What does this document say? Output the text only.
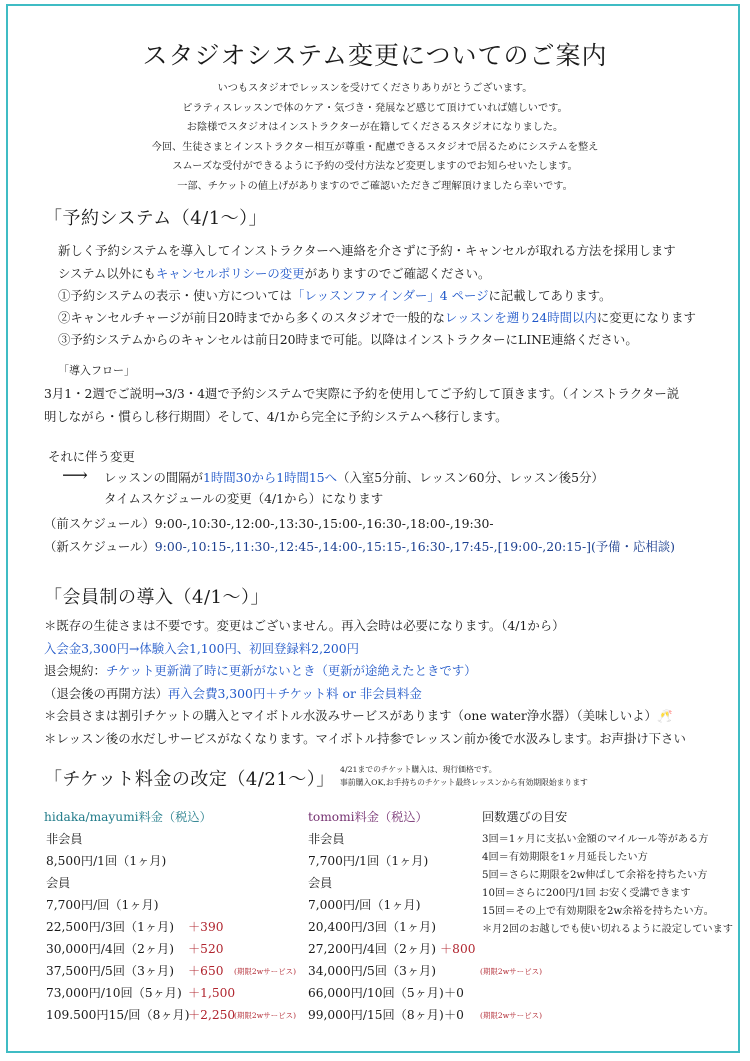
スタジオシステム変更についてのご案内
いつもスタジオでレッスンを受けてくださりありがとうございます。
ピラティスレッスンで体のケア・気づき・発展など感じて頂けていれば嬉しいです。
お陰様でスタジオはインストラクターが在籍してくださるスタジオになりました。
今回、生徒さまとインストラクター相互が尊重・配慮できるスタジオで居るためにシステムを整え
スムーズな受付ができるように予約の受付方法など変更しますのでお知らせいたします。
一部、チケットの値上げがありますのでご確認いただきご理解頂けましたら幸いです。
「予約システム（4/1〜）」
新しく予約システムを導入してインストラクターへ連絡を介さずに予約・キャンセルが取れる方法を採用します
システム以外にもキャンセルポリシーの変更がありますのでご確認ください。
①予約システムの表示・使い方については「レッスンファインダー」4 ページに記載してあります。
②キャンセルチャージが前日20時までから多くのスタジオで一般的なレッスンを遡り24時間以内に変更になります
③予約システムからのキャンセルは前日20時まで可能。以降はインストラクターにLINE連絡ください。
「導入フロー」
3月1・2週でご説明→3/3・4週で予約システムで実際に予約を使用してご予約して頂きます。（インストラクター説
明しながら・慣らし移行期間）そして、4/1から完全に予約システムへ移行します。
それに伴う変更
⟶ レッスンの間隔が1時間30から1時間15へ（入室5分前、レッスン60分、レッスン後5分）
タイムスケジュールの変更（4/1から）になります
（前スケジュール）9:00-,10:30-,12:00-,13:30-,15:00-,16:30-,18:00-,19:30-
（新スケジュール）9:00-,10:15-,11:30-,12:45-,14:00-,15:15-,16:30-,17:45-,[19:00-,20:15-](予備・応相談)
「会員制の導入（4/1〜）」
＊既存の生徒さまは不要です。変更はございません。再入会時は必要になります。（4/1から）
入会金3,300円→体験入会1,100円、初回登録料2,200円
退会規約：チケット更新満了時に更新がないとき（更新が途絶えたときです）
（退会後の再開方法）再入会費3,300円＋チケット料 or 非会員料金
＊会員さまは割引チケットの購入とマイボトル水汲みサービスがあります（one water浄水器）（美味しいよ）🥂
＊レッスン後の水だしサービスがなくなります。マイボトル持参でレッスン前か後で水汲みします。お声掛け下さい
「チケット料金の改定（4/21〜）」 4/21までのチケット購入は、現行価格です。
事前購入OK,お手持ちのチケット最終レッスンから有効期限始まります
hidaka/mayumi料金（税込）
非会員
8,500円/1回（1ヶ月)
会員
7,700円/回（1ヶ月)
22,500円/3回（1ヶ月) ＋390
30,000円/4回（2ヶ月) ＋520
37,500円/5回（3ヶ月) ＋650 (期限2wサービス)
73,000円/10回（5ヶ月) ＋1,500
109.500円15/回（8ヶ月)
＋2,250
(期限2wサービス)
tomomi料金（税込）
非会員
7,700円/1回（1ヶ月)
会員
7,000円/回（1ヶ月)
20,400円/3回（1ヶ月)
27,200円/4回（2ヶ月) ＋800
34,000円/5回（3ヶ月)	(期限2wサービス)
66,000円/10回（5ヶ月) ＋0
99,000円/15回（8ヶ月) ＋0 (期限2wサービス)
回数選びの目安
3回＝1ヶ月に支払い金額のマイルール等がある方
4回＝有効期限を1ヶ月延長したい方
5回＝さらに期限を2w伸ばして余裕を持ちたい方
10回＝さらに200円/1回 お安く受講できます
15回＝その上で有効期限を2w余裕を持ちたい方。
＊月2回のお越しでも使い切れるように設定しています
